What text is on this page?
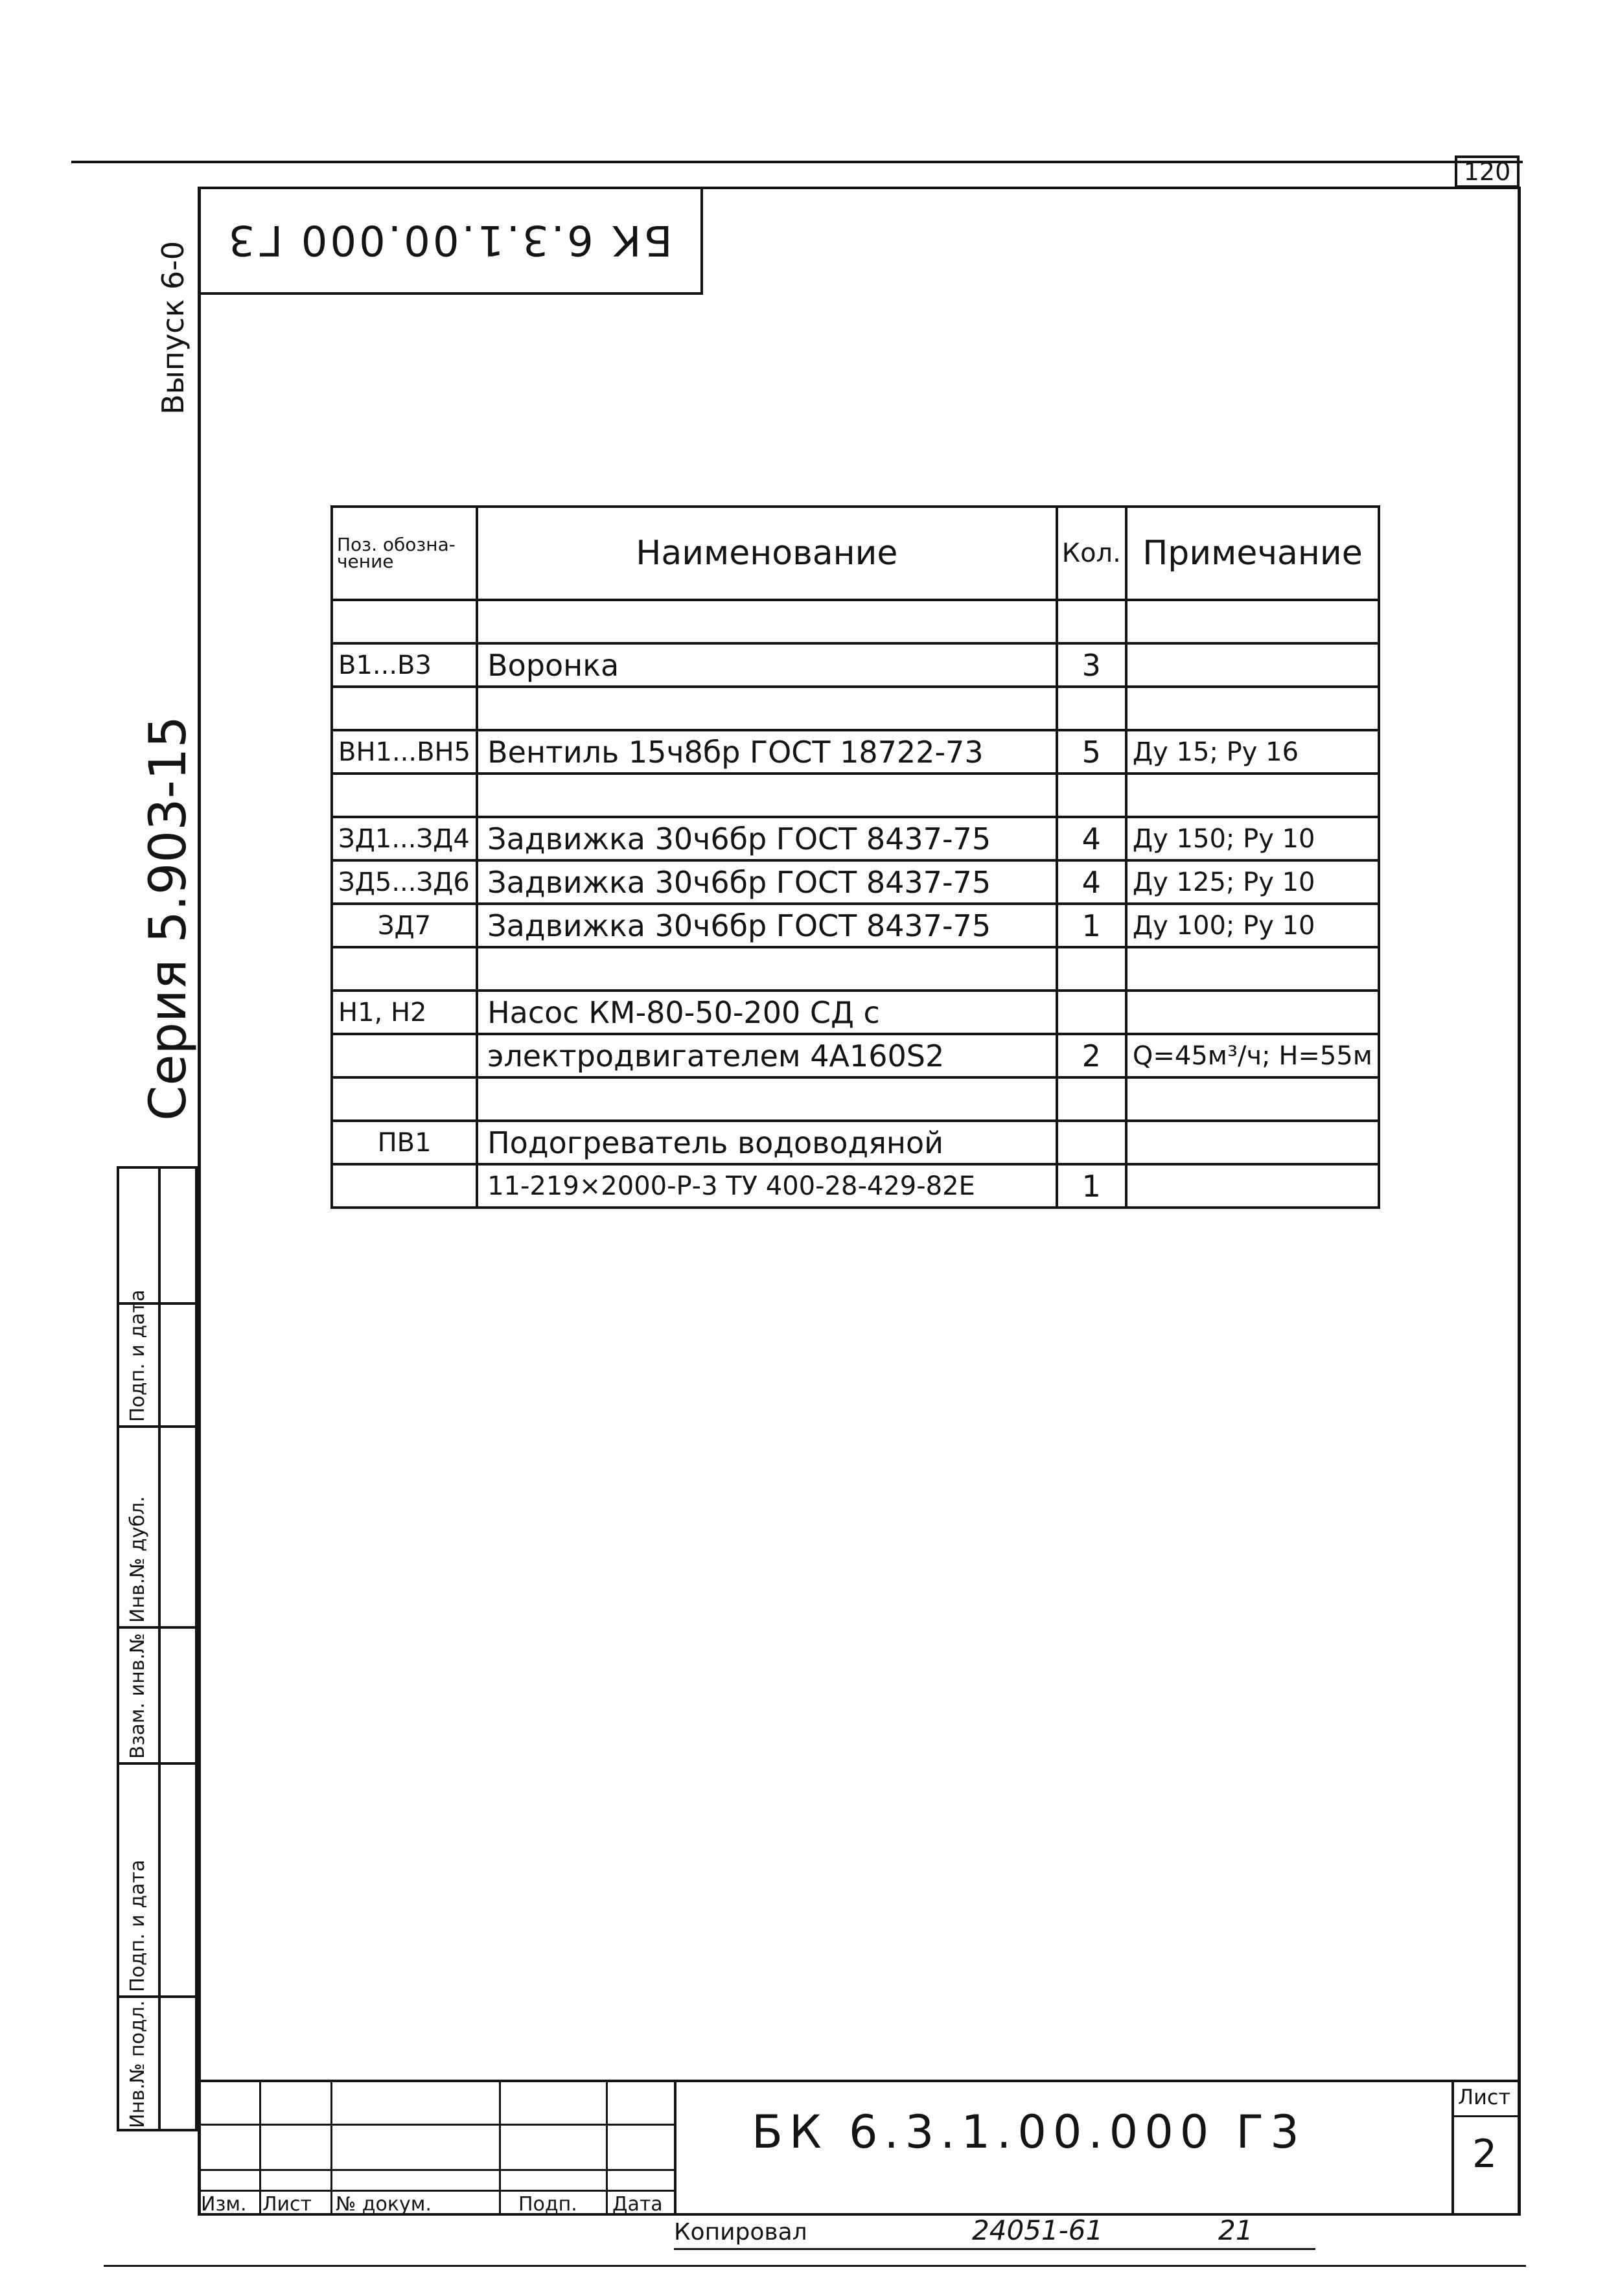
120
БК 6.3.1.00.000 Г3
Выпуск 6-0
Серия 5.903-15
Инв.№ подл.
Подп. и дата
Взам. инв.№
Инв.№ дубл.
Подп. и дата
Поз. обозна- чение	Наименование	Кол.	Примечание

В1...В3	Воронка	3	

ВН1...ВН5	Вентиль 15ч8бр ГОСТ 18722-73	5	Ду 15; Ру 16

ЗД1...ЗД4	Задвижка 30ч6бр ГОСТ 8437-75	4	Ду 150; Ру 10
ЗД5...ЗД6	Задвижка 30ч6бр ГОСТ 8437-75	4	Ду 125; Ру 10
ЗД7	Задвижка 30ч6бр ГОСТ 8437-75	1	Ду 100; Ру 10

Н1, Н2	Насос КМ-80-50-200 СД с		
	электродвигателем 4А160S2	2	Q=45м³/ч; Н=55м

ПВ1	Подогреватель водоводяной		
	11-219×2000-Р-3 ТУ 400-28-429-82Е	1	
Изм. Лист № докум.	Подп. Дата
БК 6.3.1.00.000 Г3
Лист
2
Копировал	24051-61	21
